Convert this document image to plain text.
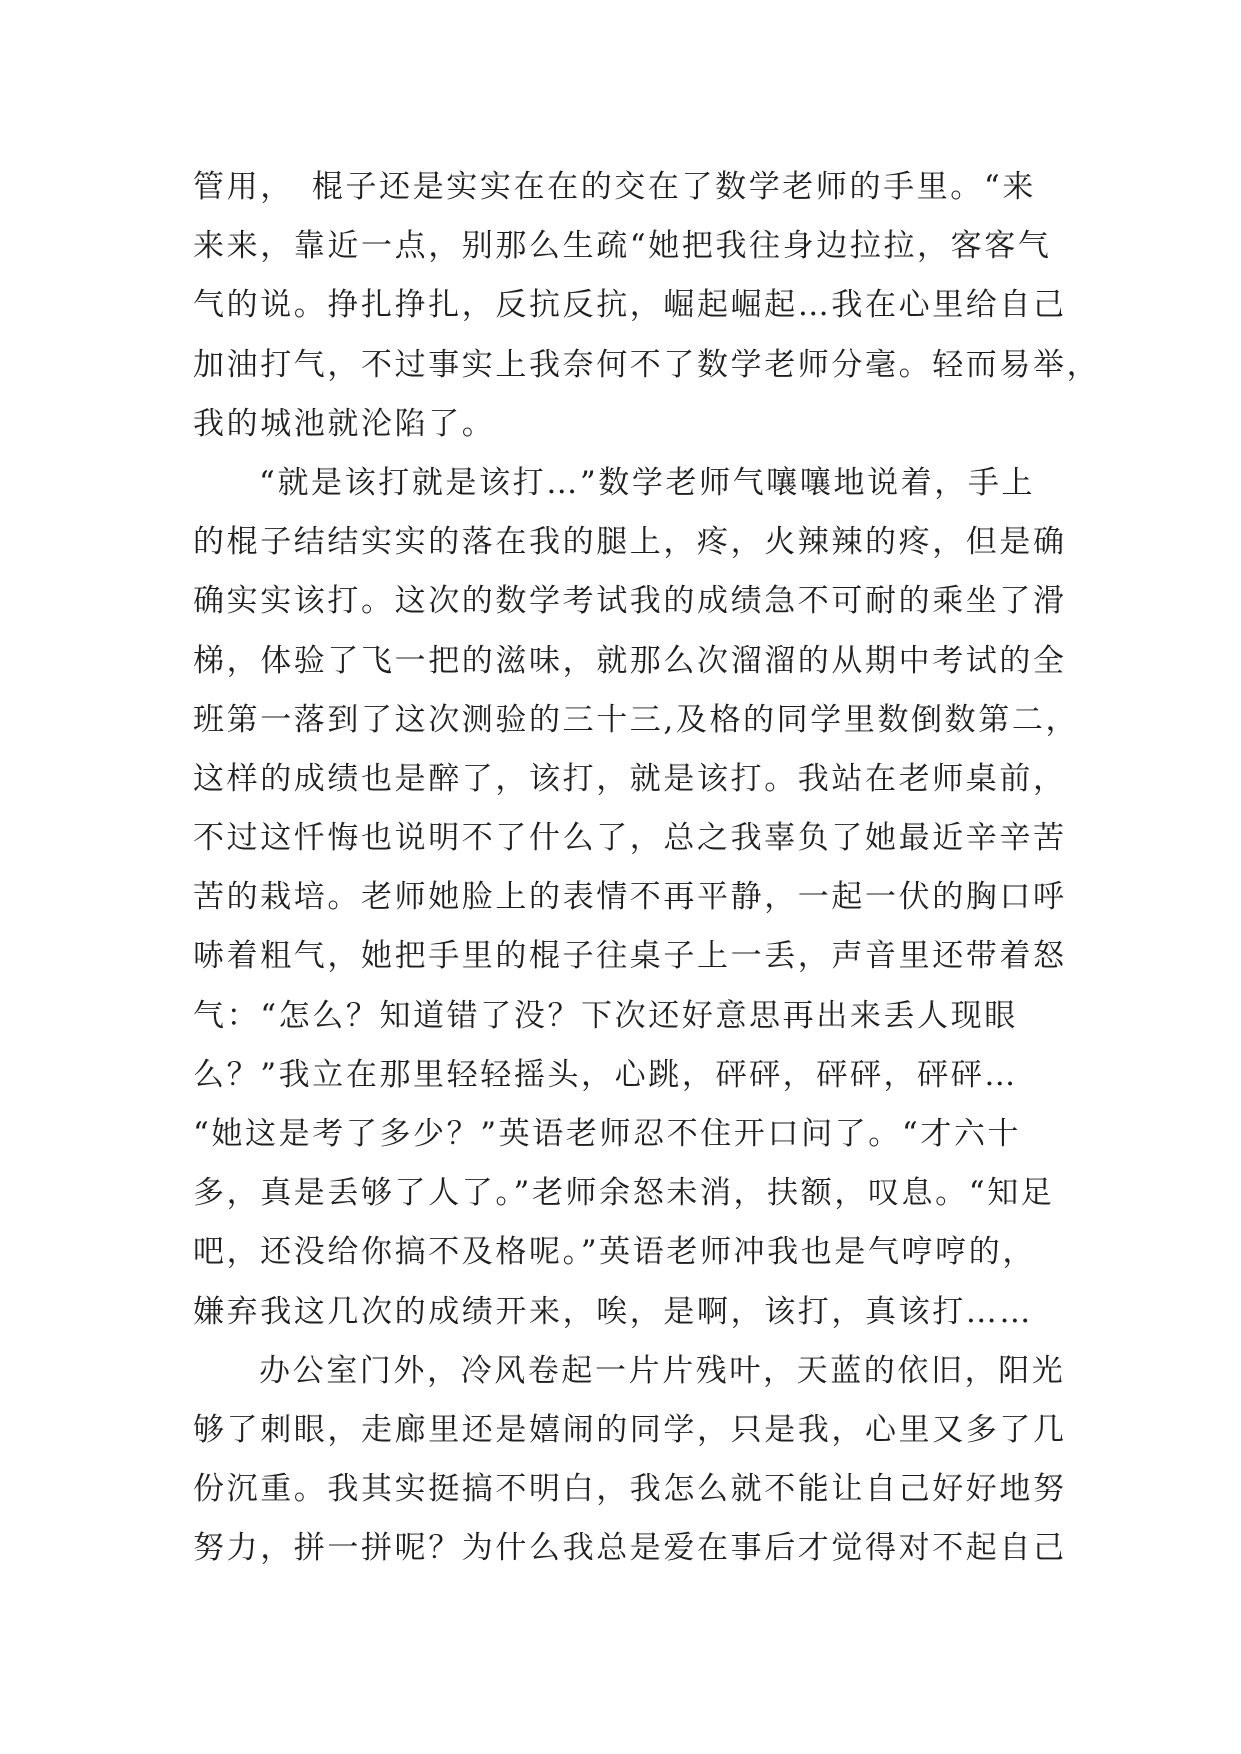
管用，　棍子还是实实在在的交在了数学老师的手里。“来
来来，靠近一点，别那么生疏“她把我往身边拉拉，客客气
气的说。挣扎挣扎，反抗反抗，崛起崛起…我在心里给自己
加油打气，不过事实上我奈何不了数学老师分毫。轻而易举，
我的城池就沦陷了。
“就是该打就是该打…”数学老师气嚷嚷地说着，手上
的棍子结结实实的落在我的腿上，疼，火辣辣的疼，但是确
确实实该打。这次的数学考试我的成绩急不可耐的乘坐了滑
梯，体验了飞一把的滋味，就那么次溜溜的从期中考试的全
班第一落到了这次测验的三十三,及格的同学里数倒数第二，
这样的成绩也是醉了，该打，就是该打。我站在老师桌前，
不过这忏悔也说明不了什么了，总之我辜负了她最近辛辛苦
苦的栽培。老师她脸上的表情不再平静，一起一伏的胸口呼
哧着粗气，她把手里的棍子往桌子上一丢，声音里还带着怒
气：“怎么？知道错了没？下次还好意思再出来丢人现眼
么？”我立在那里轻轻摇头，心跳，砰砰，砰砰，砰砰…
“她这是考了多少？”英语老师忍不住开口问了。“才六十
多，真是丢够了人了。”老师余怒未消，扶额，叹息。“知足
吧，还没给你搞不及格呢。”英语老师冲我也是气哼哼的，
嫌弃我这几次的成绩开来，唉，是啊，该打，真该打……
办公室门外，冷风卷起一片片残叶，天蓝的依旧，阳光
够了刺眼，走廊里还是嬉闹的同学，只是我，心里又多了几
份沉重。我其实挺搞不明白，我怎么就不能让自己好好地努
努力，拼一拼呢？为什么我总是爱在事后才觉得对不起自己
